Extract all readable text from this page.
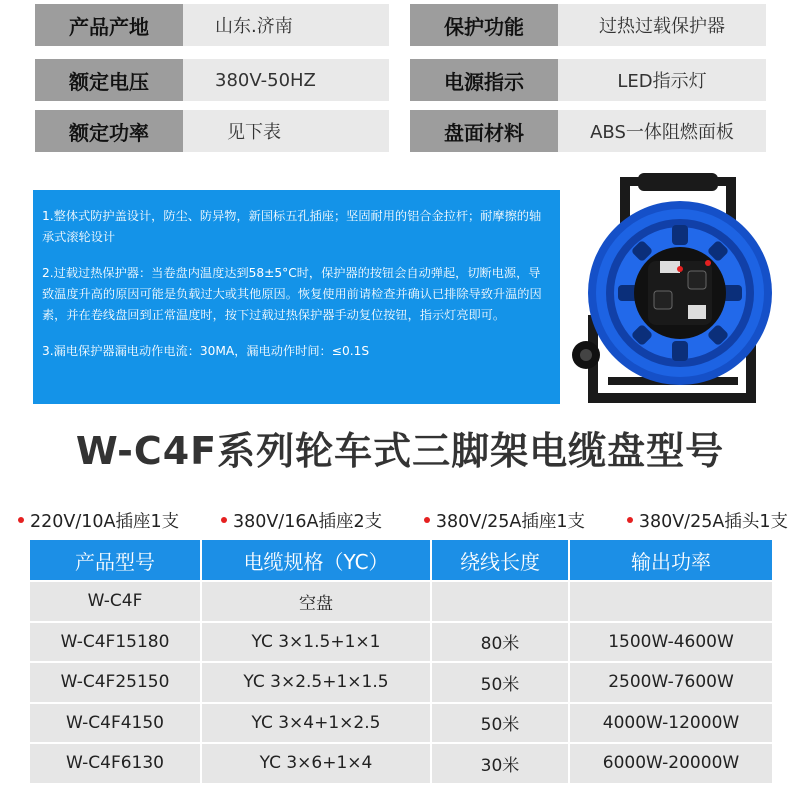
产品产地	山东.济南
额定电压	380V-50HZ
额定功率	见下表
保护功能	过热过载保护器
电源指示	LED指示灯
盘面材料	ABS一体阻燃面板

1.整体式防护盖设计，防尘、防异物，新国标五孔插座；坚固耐用的铝合金拉杆；耐摩擦的轴承式滚轮设计

2.过载过热保护器：当卷盘内温度达到58±5°C时，保护器的按钮会自动弹起，切断电源，导致温度升高的原因可能是负载过大或其他原因。恢复使用前请检查并确认已排除导致升温的因素，并在卷线盘回到正常温度时，按下过载过热保护器手动复位按钮，指示灯亮即可。

3.漏电保护器漏电动作电流：30MA，漏电动作时间：≤0.1S

W-C4F系列轮车式三脚架电缆盘型号
220V/10A插座1支	380V/16A插座2支	380V/25A插座1支	380V/25A插头1支
产品型号	电缆规格（YC）	绕线长度	输出功率
W-C4F	空盘
W-C4F15180	YC 3×1.5+1×1	80米	1500W-4600W
W-C4F25150	YC 3×2.5+1×1.5	50米	2500W-7600W
W-C4F4150	YC 3×4+1×2.5	50米	4000W-12000W
W-C4F6130	YC 3×6+1×4	30米	6000W-20000W
